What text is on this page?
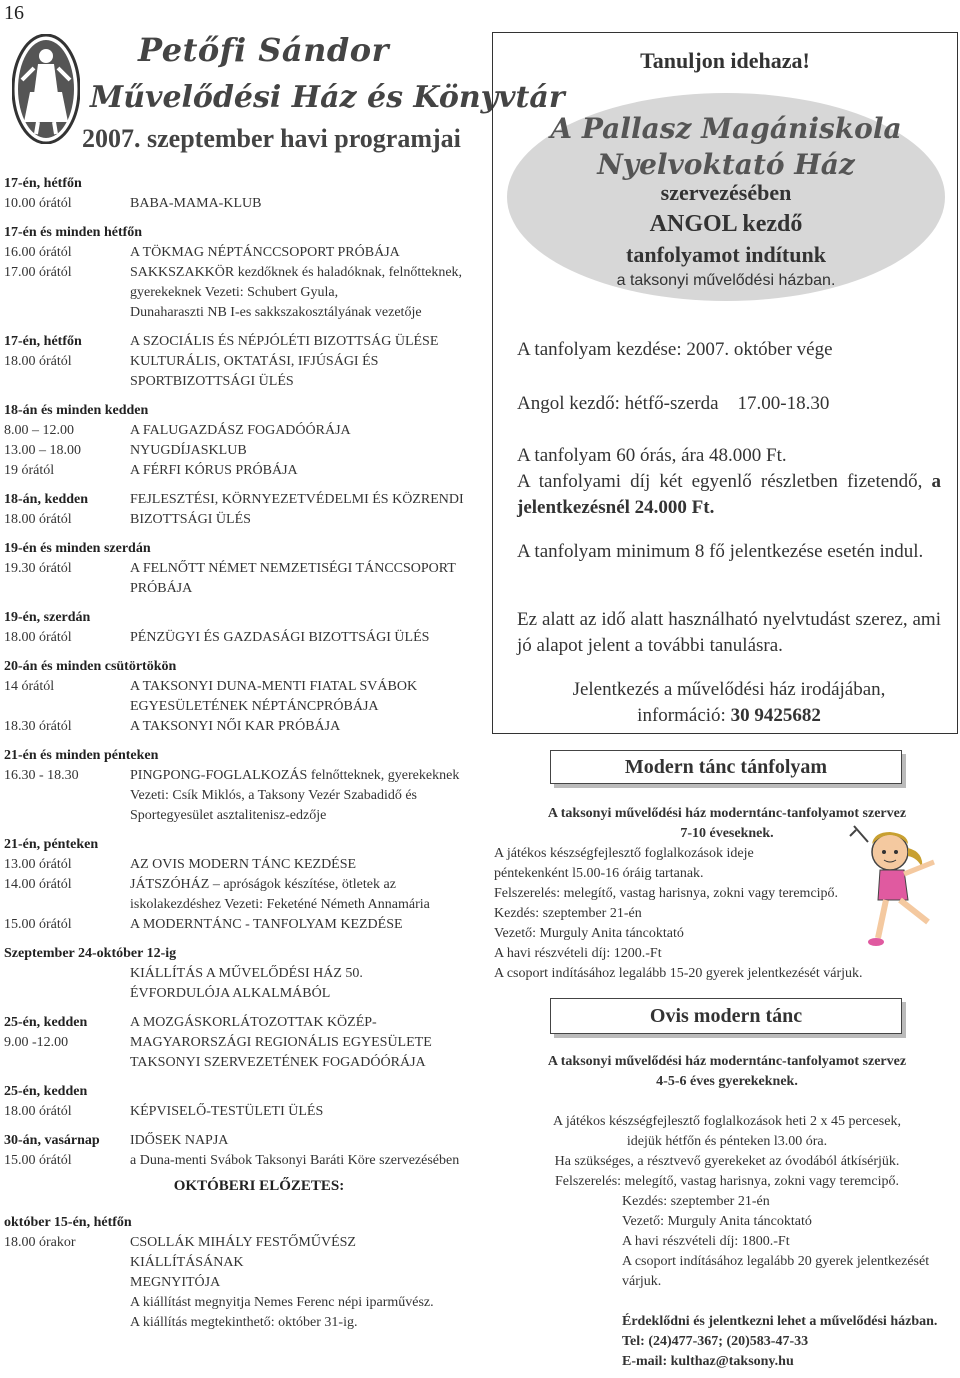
16
Petőfi Sándor
Művelődési Ház és Könyvtár
2007. szeptember havi programjai
17-én, hétfőn
10.00 órától	BABA-MAMA-KLUB
17-én és minden hétfőn
16.00 órától	A TÖKMAG NÉPTÁNCCSOPORT PRÓBÁJA
17.00 órától	SAKKSZAKKÖR kezdőknek és haladóknak, felnőtteknek,
gyerekeknek Vezeti: Schubert Gyula,
Dunaharaszti NB I-es sakkszakosztályának vezetője
17-én, hétfőn	A SZOCIÁLIS ÉS NÉPJÓLÉTI BIZOTTSÁG ÜLÉSE
18.00 órától	KULTURÁLIS, OKTATÁSI, IFJÚSÁGI ÉS
SPORTBIZOTTSÁGI ÜLÉS
18-án és minden kedden
8.00 – 12.00	A FALUGAZDÁSZ FOGADÓÓRÁJA
13.00 – 18.00	NYUGDÍJASKLUB
19 órától	A FÉRFI KÓRUS PRÓBÁJA
18-án, kedden	FEJLESZTÉSI, KÖRNYEZETVÉDELMI ÉS KÖZRENDI
18.00 órától	BIZOTTSÁGI ÜLÉS
19-én és minden szerdán
19.30 órától	A FELNŐTT NÉMET NEMZETISÉGI TÁNCCSOPORT
PRÓBÁJA
19-én, szerdán
18.00 órától	PÉNZÜGYI ÉS GAZDASÁGI BIZOTTSÁGI ÜLÉS
20-án és minden csütörtökön
14 órától	A TAKSONYI DUNA-MENTI FIATAL SVÁBOK
EGYESÜLETÉNEK NÉPTÁNCPRÓBÁJA
18.30 órától	A TAKSONYI NŐI KAR PRÓBÁJA
21-én és minden pénteken
16.30 - 18.30	PINGPONG-FOGLALKOZÁS felnőtteknek, gyerekeknek
Vezeti: Csík Miklós, a Taksony Vezér Szabadidő és
Sportegyesület asztalitenisz-edzője
21-én, pénteken
13.00 órától	AZ OVIS MODERN TÁNC KEZDÉSE
14.00 órától	JÁTSZÓHÁZ – apróságok készítése, ötletek az
iskolakezdéshez Vezeti: Feketéné Németh Annamária
15.00 órától	A MODERNTÁNC - TANFOLYAM KEZDÉSE
Szeptember 24-október 12-ig
KIÁLLÍTÁS A MŰVELŐDÉSI HÁZ 50.
ÉVFORDULÓJA ALKALMÁBÓL
25-én, kedden	A MOZGÁSKORLÁTOZOTTAK KÖZÉP-
9.00 -12.00	MAGYARORSZÁGI REGIONÁLIS EGYESÜLETE
TAKSONYI SZERVEZETÉNEK FOGADÓÓRÁJA
25-én, kedden
18.00 órától	KÉPVISELŐ-TESTÜLETI ÜLÉS
30-án, vasárnap	IDŐSEK NAPJA
15.00 órától	a Duna-menti Svábok Taksonyi Baráti Köre szervezésében
OKTÓBERI ELŐZETES:
október 15-én, hétfőn
18.00 órakor	CSOLLÁK MIHÁLY FESTŐMŰVÉSZ
KIÁLLÍTÁSÁNAK
MEGNYITÓJA
A kiállítást megnyitja Nemes Ferenc népi iparművész.
A kiállítás megtekinthető: október 31-ig.
Tanuljon idehaza!
A Pallasz Magániskola
Nyelvoktató Ház
szervezésében
ANGOL kezdő
tanfolyamot indítunk
a taksonyi művelődési házban.
A tanfolyam kezdése: 2007. október vége
Angol kezdő: hétfő-szerda    17.00-18.30
A tanfolyam 60 órás, ára 48.000 Ft.
A tanfolyami díj két egyenlő részletben fizetendő, a jelentkezésnél 24.000 Ft.
A tanfolyam minimum 8 fő jelentkezése esetén indul.
Ez alatt az idő alatt használható nyelvtudást szerez, ami jó alapot jelent a további tanulásra.
Jelentkezés a művelődési ház irodájában,
információ: 30 9425682
Modern tánc tánfolyam
A taksonyi művelődési ház moderntánc-tanfolyamot szervez
7-10 éveseknek.
A játékos készségfejlesztő foglalkozások ideje
péntekenként l5.00-16 óráig tartanak.
Felszerelés: melegítő, vastag harisnya, zokni vagy teremcipő.
Kezdés: szeptember 21-én
Vezető: Murguly Anita táncoktató
A havi részvételi díj: 1200.-Ft
A csoport indításához legalább 15-20 gyerek jelentkezését várjuk.
Ovis modern tánc
A taksonyi művelődési ház moderntánc-tanfolyamot szervez
4-5-6 éves gyerekeknek.
A játékos készségfejlesztő foglalkozások heti 2 x 45 percesek,
idejük hétfőn és pénteken l3.00 óra.
Ha szükséges, a résztvevő gyerekeket az óvodából átkísérjük.
Felszerelés: melegítő, vastag harisnya, zokni vagy teremcipő.
Kezdés: szeptember 21-én
Vezető: Murguly Anita táncoktató
A havi részvételi díj: 1800.-Ft
A csoport indításához legalább 20 gyerek jelentkezését
várjuk.
Érdeklődni és jelentkezni lehet a művelődési házban.
Tel: (24)477-367; (20)583-47-33
E-mail: kulthaz@taksony.hu
